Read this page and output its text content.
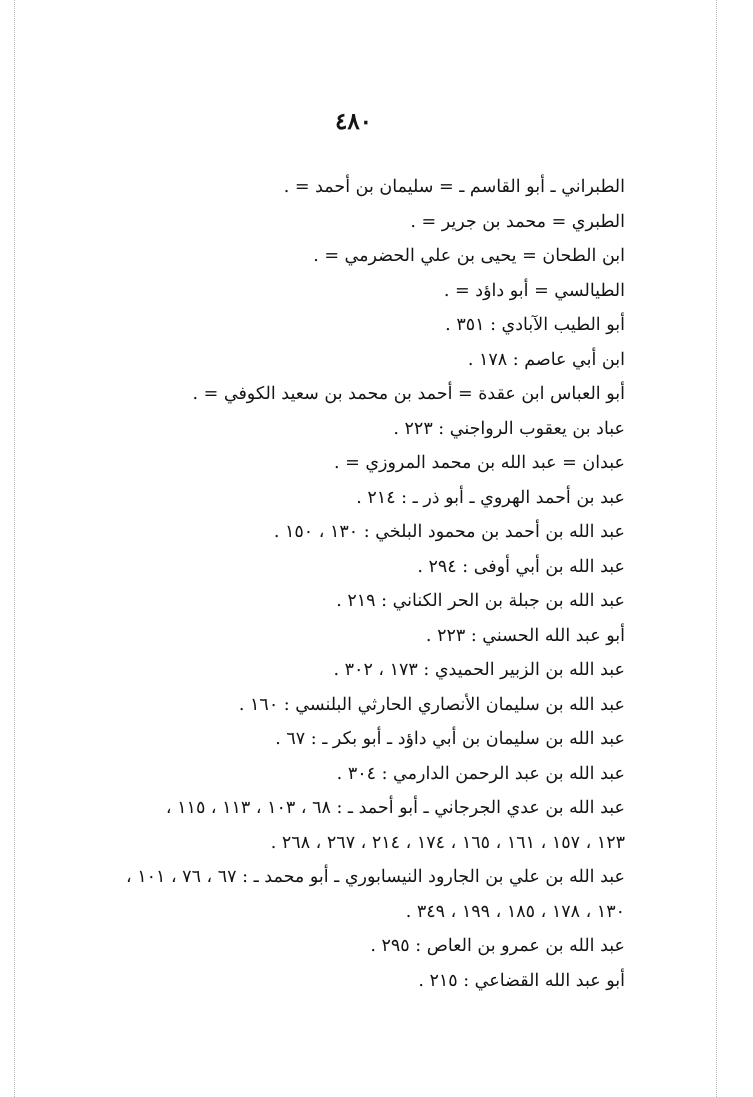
٤٨٠
الطبراني ـ أبو القاسم ـ = سليمان بن أحمد = .
الطبري = محمد بن جرير = .
ابن الطحان = يحيى بن علي الحضرمي = .
الطيالسي = أبو داؤد = .
أبو الطيب الآبادي : ٣٥١ .
ابن أبي عاصم : ١٧٨ .
أبو العباس ابن عقدة = أحمد بن محمد بن سعيد الكوفي = .
عباد بن يعقوب الرواجني : ٢٢٣ .
عبدان = عبد الله بن محمد المروزي = .
عبد بن أحمد الهروي ـ أبو ذر ـ : ٢١٤ .
عبد الله بن أحمد بن محمود البلخي : ١٣٠ ، ١٥٠ .
عبد الله بن أبي أوفى : ٢٩٤ .
عبد الله بن جبلة بن الحر الكناني : ٢١٩ .
أبو عبد الله الحسني : ٢٢٣ .
عبد الله بن الزبير الحميدي : ١٧٣ ، ٣٠٢ .
عبد الله بن سليمان الأنصاري الحارثي البلنسي : ١٦٠ .
عبد الله بن سليمان بن أبي داؤد ـ أبو بكر ـ : ٦٧ .
عبد الله بن عبد الرحمن الدارمي : ٣٠٤ .
عبد الله بن عدي الجرجاني ـ أبو أحمد ـ : ٦٨ ، ١٠٣ ، ١١٣ ، ١١٥ ،
١٢٣ ، ١٥٧ ، ١٦١ ، ١٦٥ ، ١٧٤ ، ٢١٤ ، ٢٦٧ ، ٢٦٨ .
عبد الله بن علي بن الجارود النيسابوري ـ أبو محمد ـ : ٦٧ ، ٧٦ ، ١٠١ ،
١٣٠ ، ١٧٨ ، ١٨٥ ، ١٩٩ ، ٣٤٩ .
عبد الله بن عمرو بن العاص : ٢٩٥ .
أبو عبد الله القضاعي : ٢١٥ .
